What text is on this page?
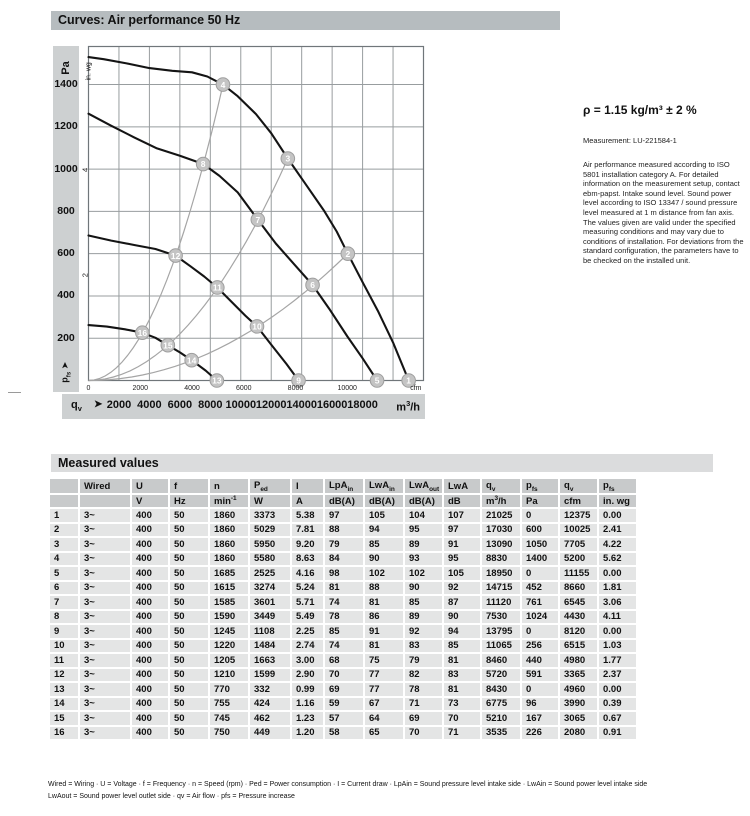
Curves: Air performance 50 Hz
Pa
200
400
600
800
1000
1200
1400
$p_{fs}➤$
1
2
3
4
5
6
7
8
9
10
11
12
13
14
15
16
2
4
in. wg
0	2000	4000	6000	8000	10000	cfm
$q_v$ ➤ 2000 4000 6000 8000 10000 12000 14000 16000 18000 $m^3/h$
ρ = 1.15 kg/m³ ± 2 %
Measurement: LU-221584-1
Air performance measured according to ISO 5801 installation category A. For detailed information on the measurement setup, contact ebm-papst. Intake sound level. Sound power level according to ISO 13347 / sound pressure level measured at 1 m distance from fan axis. The values given are valid under the specified measuring conditions and may vary due to conditions of installation. For deviations from the standard configuration, the parameters have to be checked on the installed unit.
Measured values
	Wired	U	f	n	$P_{ed}$	I	LpA$_{in}$	LwA$_{in}$	LwA$_{out}$	LwA	$q_v$	$p_{fs}$	$q_v$	$p_{fs}$
		V	Hz	$\min^{-1}$	W	A	dB(A)	dB(A)	dB(A)	dB	$m^3/h$	Pa	cfm	in. wg
1	3~	400	50	1860	3373	5.38	97	105	104	107	21025	0	12375	0.00
2	3~	400	50	1860	5029	7.81	88	94	95	97	17030	600	10025	2.41
3	3~	400	50	1860	5950	9.20	79	85	89	91	13090	1050	7705	4.22
4	3~	400	50	1860	5580	8.63	84	90	93	95	8830	1400	5200	5.62
5	3~	400	50	1685	2525	4.16	98	102	102	105	18950	0	11155	0.00
6	3~	400	50	1615	3274	5.24	81	88	90	92	14715	452	8660	1.81
7	3~	400	50	1585	3601	5.71	74	81	85	87	11120	761	6545	3.06
8	3~	400	50	1590	3449	5.49	78	86	89	90	7530	1024	4430	4.11
9	3~	400	50	1245	1108	2.25	85	91	92	94	13795	0	8120	0.00
10	3~	400	50	1220	1484	2.74	74	81	83	85	11065	256	6515	1.03
11	3~	400	50	1205	1663	3.00	68	75	79	81	8460	440	4980	1.77
12	3~	400	50	1210	1599	2.90	70	77	82	83	5720	591	3365	2.37
13	3~	400	50	770	332	0.99	69	77	78	81	8430	0	4960	0.00
14	3~	400	50	755	424	1.16	59	67	71	73	6775	96	3990	0.39
15	3~	400	50	745	462	1.23	57	64	69	70	5210	167	3065	0.67
16	3~	400	50	750	449	1.20	58	65	70	71	3535	226	2080	0.91
Wired = Wiring · U = Voltage · f = Frequency · n = Speed (rpm) · Ped = Power consumption · I = Current draw · LpAin = Sound pressure level intake side · LwAin = Sound power level intake side
LwAout = Sound power level outlet side · qv = Air flow · pfs = Pressure increase
